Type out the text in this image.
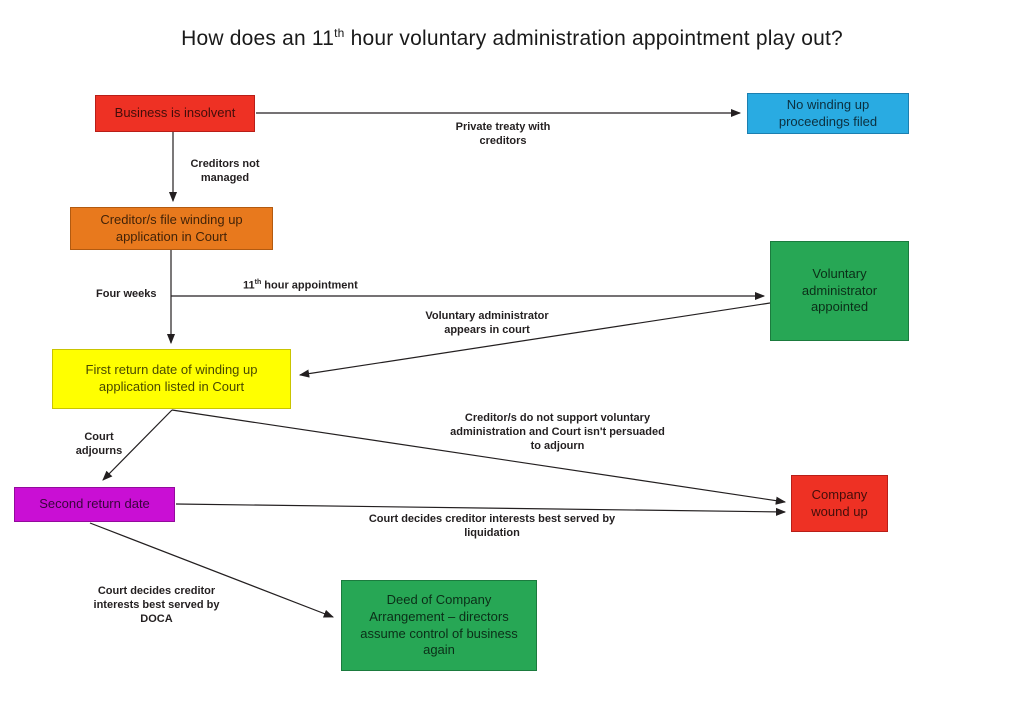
How does an 11th hour voluntary administration appointment play out?
Business is insolvent
No winding up proceedings filed
Creditor/s file winding up application in Court
Voluntary administrator appointed
First return date of winding up application listed in Court
Second return date
Company wound up
Deed of Company Arrangement – directors assume control of business again
Private treaty with creditors
Creditors not managed
Four weeks
11th hour appointment
Voluntary administrator appears in court
Court adjourns
Creditor/s do not support voluntary administration and Court isn't persuaded to adjourn
Court decides creditor interests best served by liquidation
Court decides creditor interests best served by DOCA
